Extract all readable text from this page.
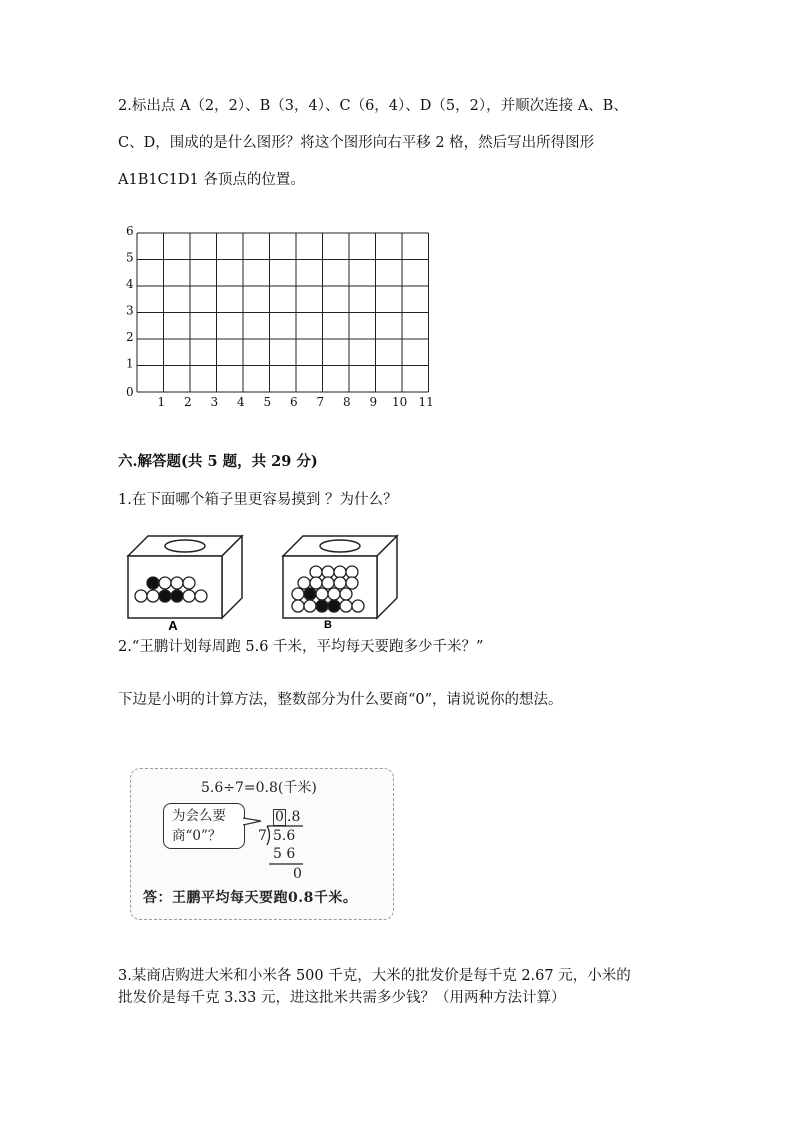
2.标出点 A（2，2）、B（3，4）、C（6，4）、D（5，2），并顺次连接 A、B、
C、D，围成的是什么图形？将这个图形向右平移 2 格，然后写出所得图形
A1B1C1D1 各顶点的位置。
1 2 3 4 5 6 7 8 9 10 11
0
1
2
3
4
5
6
六.解答题(共 5 题，共 29 分)
1.在下面哪个箱子里更容易摸到 ？为什么？
A	B
2.“王鹏计划每周跑 5.6 千米，平均每天要跑多少千米？”
下边是小明的计算方法，整数部分为什么要商“0”，请说说你的想法。
5.6÷7=0.8(千米)
为会么要
商“0”？
0 .8
7 5.6
5 6
0
答：王鹏平均每天要跑0.8千米。
3.某商店购进大米和小米各 500 千克，大米的批发价是每千克 2.67 元，小米的
批发价是每千克 3.33 元，进这批米共需多少钱？（用两种方法计算）
